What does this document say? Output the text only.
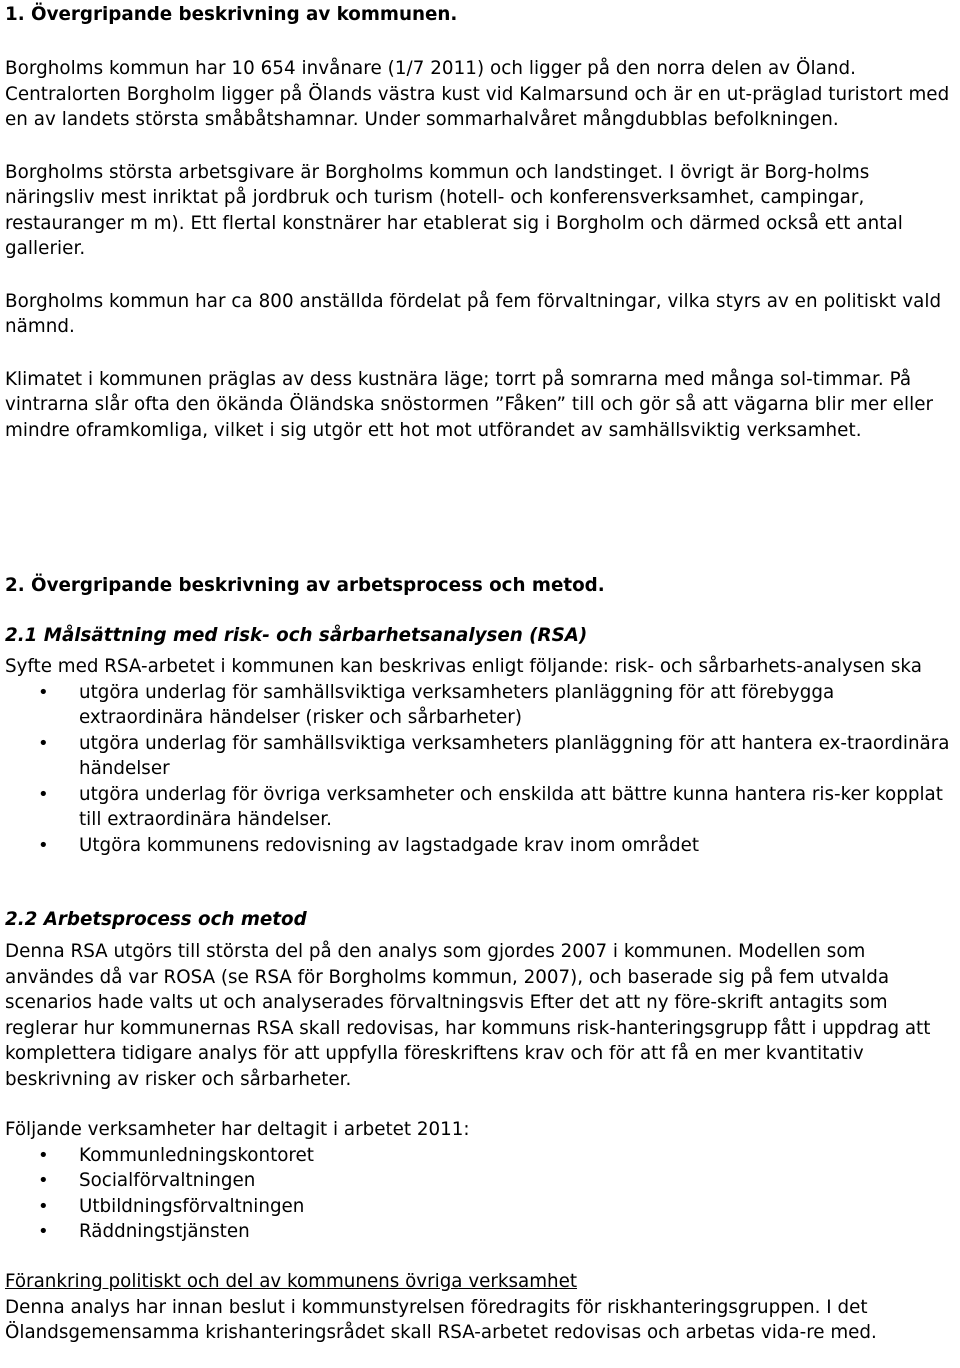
1. Övergripande beskrivning av kommunen.

Borgholms kommun har 10 654 invånare (1/7 2011) och ligger på den norra delen av Öland. Centralorten Borgholm ligger på Ölands västra kust vid Kalmarsund och är en ut-präglad turistort med en av landets största småbåtshamnar. Under sommarhalvåret mångdubblas befolkningen.

Borgholms största arbetsgivare är Borgholms kommun och landstinget. I övrigt är Borg-holms näringsliv mest inriktat på jordbruk och turism (hotell- och konferensverksamhet, campingar, restauranger m m). Ett flertal konstnärer har etablerat sig i Borgholm och därmed också ett antal gallerier.

Borgholms kommun har ca 800 anställda fördelat på fem förvaltningar, vilka styrs av en politiskt vald nämnd.

Klimatet i kommunen präglas av dess kustnära läge; torrt på somrarna med många sol-timmar. På vintrarna slår ofta den ökända Öländska snöstormen ”Fåken” till och gör så att vägarna blir mer eller mindre oframkomliga, vilket i sig utgör ett hot mot utförandet av samhällsviktig verksamhet.

2. Övergripande beskrivning av arbetsprocess och metod.
2.1 Målsättning med risk- och sårbarhetsanalysen (RSA)

Syfte med RSA-arbetet i kommunen kan beskrivas enligt följande: risk- och sårbarhets-analysen ska

• utgöra underlag för samhällsviktiga verksamheters planläggning för att förebygga extraordinära händelser (risker och sårbarheter)
• utgöra underlag för samhällsviktiga verksamheters planläggning för att hantera ex-traordinära händelser
• utgöra underlag för övriga verksamheter och enskilda att bättre kunna hantera ris-ker kopplat till extraordinära händelser.
• Utgöra kommunens redovisning av lagstadgade krav inom området
2.2 Arbetsprocess och metod

Denna RSA utgörs till största del på den analys som gjordes 2007 i kommunen. Modellen som användes då var ROSA (se RSA för Borgholms kommun, 2007), och baserade sig på fem utvalda scenarios hade valts ut och analyserades förvaltningsvis Efter det att ny före-skrift antagits som reglerar hur kommunernas RSA skall redovisas, har kommuns risk-hanteringsgrupp fått i uppdrag att komplettera tidigare analys för att uppfylla föreskriftens krav och för att få en mer kvantitativ beskrivning av risker och sårbarheter.

Följande verksamheter har deltagit i arbetet 2011:

• Kommunledningskontoret
• Socialförvaltningen
• Utbildningsförvaltningen
• Räddningstjänsten

Förankring politiskt och del av kommunens övriga verksamhet

Denna analys har innan beslut i kommunstyrelsen föredragits för riskhanteringsgruppen. I det Ölandsgemensamma krishanteringsrådet skall RSA-arbetet redovisas och arbetas vida-re med.
